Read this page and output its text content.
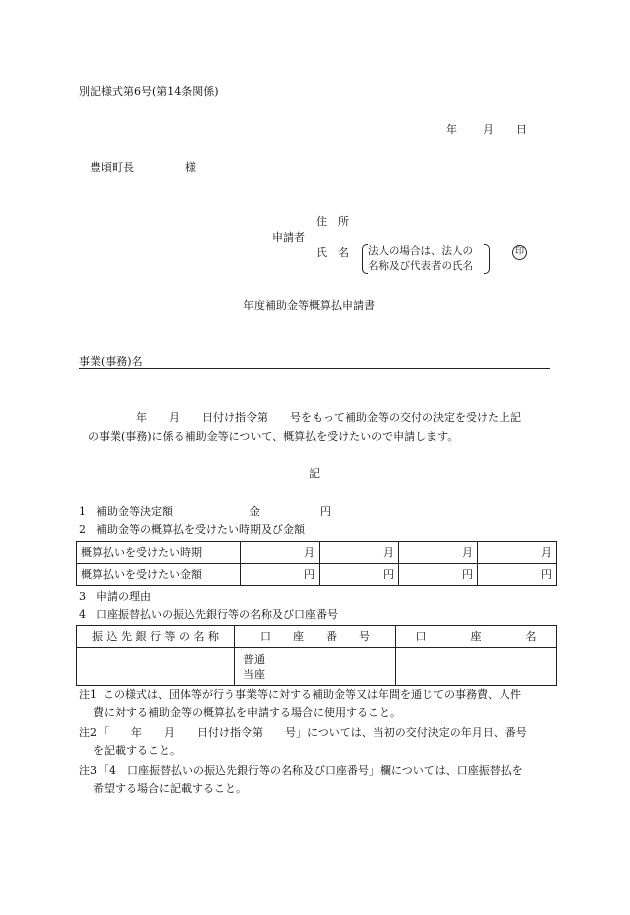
別記様式第6号(第14条関係)
年 月 日
豊頃町長	様
住　所
申請者
氏　名 法人の場合は、法人の
名称及び代表者の氏名
印
年度補助金等概算払申請書
事業(事務)名
年　　月　　日付け指令第　　号をもって補助金等の交付の決定を受けた上記
の事業(事務)に係る補助金等について、概算払を受けたいので申請します。
記
1 補助金等決定額	金	円
2 補助金等の概算払を受けたい時期及び金額
概算払いを受けたい時期	月	月	月	月
概算払いを受けたい金額	円	円	円	円
3 申請の理由
4 口座振替払いの振込先銀行等の名称及び口座番号
振 込 先 銀 行 等 の 名 称	口　　座　　番　　号	口　　　　座　　　　名

	普通
当座	

注1 この様式は、団体等が行う事業等に対する補助金等又は年間を通じての事務費、人件
費に対する補助金等の概算払を申請する場合に使用すること。
注2 「　　年　　月　　日付け指令第　　号」については、当初の交付決定の年月日、番号
を記載すること。
注3 「4　口座振替払いの振込先銀行等の名称及び口座番号」欄については、口座振替払を
希望する場合に記載すること。
